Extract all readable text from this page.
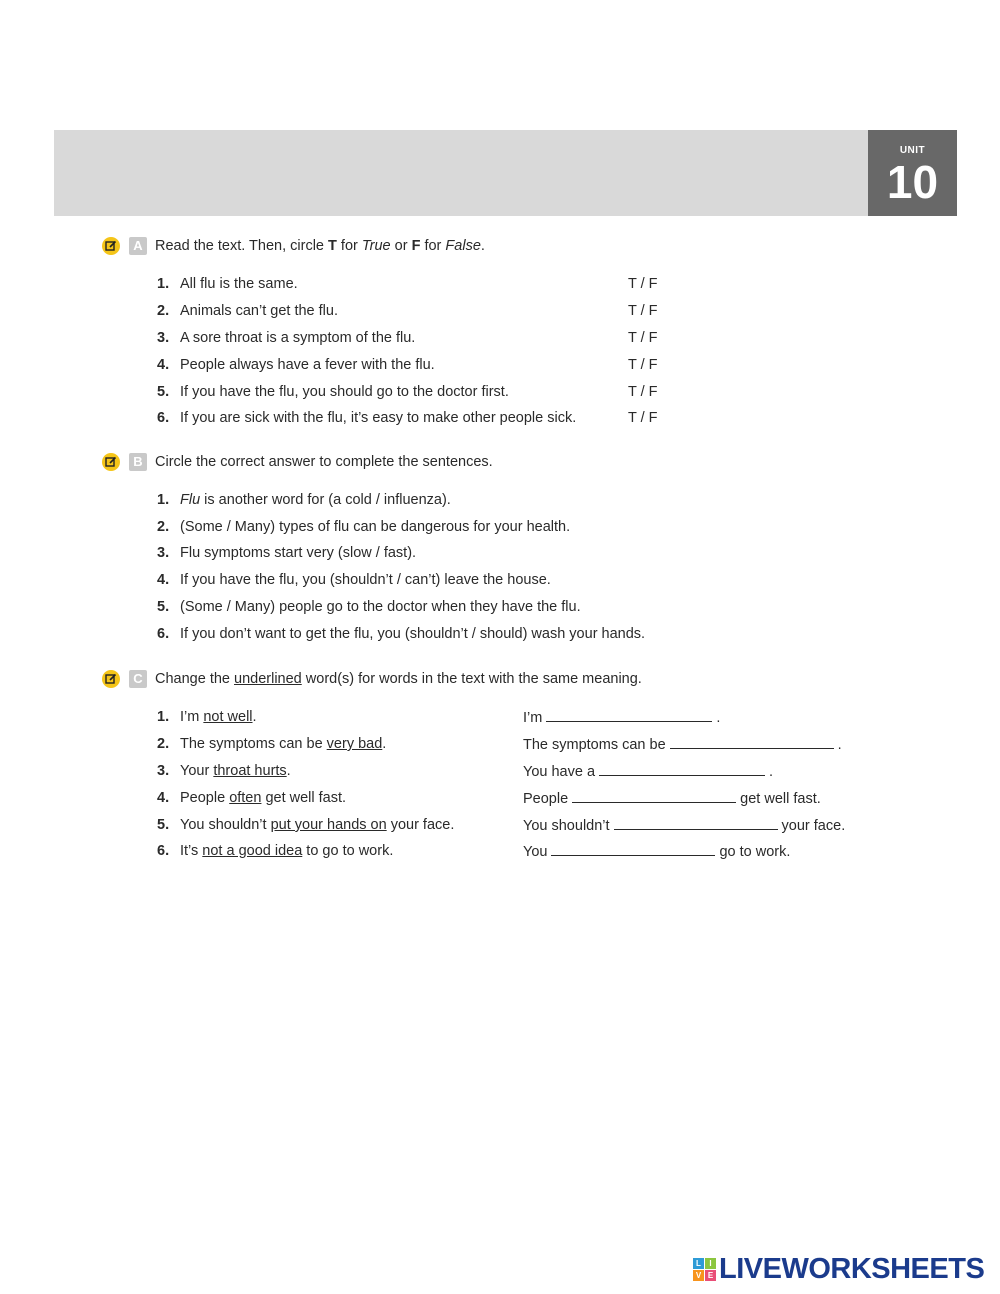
UNIT
10
A Read the text. Then, circle T for True or F for False.
1. All flu is the same.	T / F
2. Animals can’t get the flu.	T / F
3. A sore throat is a symptom of the flu.	T / F
4. People always have a fever with the flu.	T / F
5. If you have the flu, you should go to the doctor first.	T / F
6. If you are sick with the flu, it’s easy to make other people sick.	T / F
B Circle the correct answer to complete the sentences.
1. Flu is another word for (a cold / influenza).
2. (Some / Many) types of flu can be dangerous for your health.
3. Flu symptoms start very (slow / fast).
4. If you have the flu, you (shouldn’t / can’t) leave the house.
5. (Some / Many) people go to the doctor when they have the flu.
6. If you don’t want to get the flu, you (shouldn’t / should) wash your hands.
C Change the underlined word(s) for words in the text with the same meaning.
1. I’m not well.	I’m	.
2. The symptoms can be very bad.	The symptoms can be	.
3. Your throat hurts.	You have a	.
4. People often get well fast.	People	get well fast.
5. You shouldn’t put your hands on your face.	You shouldn’t	your face.
6. It’s not a good idea to go to work.	You	go to work.
L	I
V E LIVEWORKSHEETS
